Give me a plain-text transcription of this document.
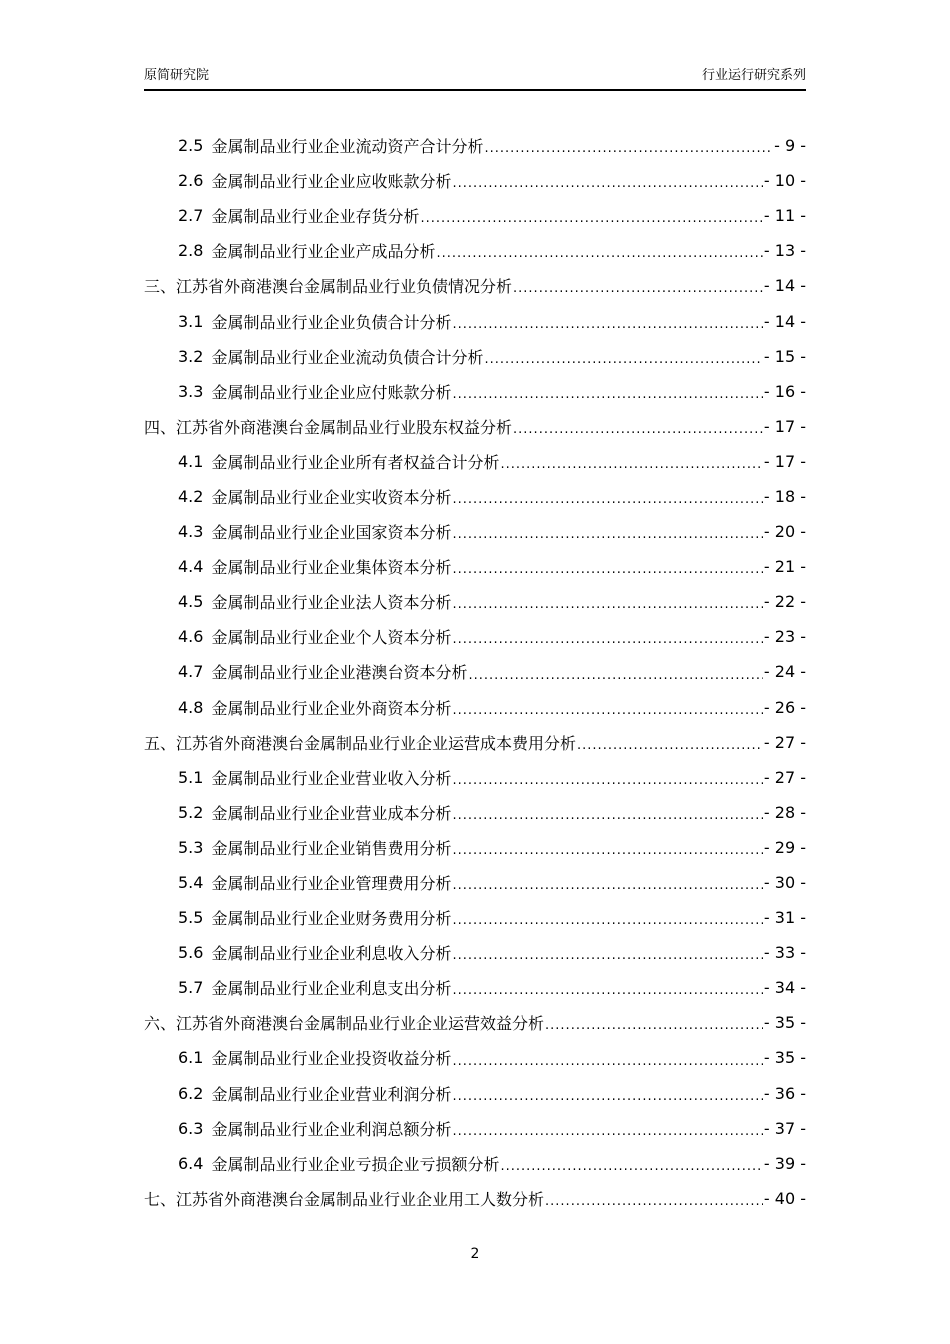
原简研究院	行业运行研究系列
2.5 金属制品业行业企业流动资产合计分析 .....	- 9 -
2.6 金属制品业行业企业应收账款分析 .....	- 10 -
2.7 金属制品业行业企业存货分析 .....	- 11 -
2.8 金属制品业行业企业产成品分析 .....	- 13 -
三、 江苏省外商港澳台金属制品业行业负债情况分析 .....	- 14 -
3.1 金属制品业行业企业负债合计分析 .....	- 14 -
3.2 金属制品业行业企业流动负债合计分析 .....	- 15 -
3.3 金属制品业行业企业应付账款分析 .....	- 16 -
四、 江苏省外商港澳台金属制品业行业股东权益分析 .....	- 17 -
4.1 金属制品业行业企业所有者权益合计分析 .....	- 17 -
4.2 金属制品业行业企业实收资本分析 .....	- 18 -
4.3 金属制品业行业企业国家资本分析 .....	- 20 -
4.4 金属制品业行业企业集体资本分析 .....	- 21 -
4.5 金属制品业行业企业法人资本分析 .....	- 22 -
4.6 金属制品业行业企业个人资本分析 .....	- 23 -
4.7 金属制品业行业企业港澳台资本分析 .....	- 24 -
4.8 金属制品业行业企业外商资本分析 .....	- 26 -
五、 江苏省外商港澳台金属制品业行业企业运营成本费用分析 .....	- 27 -
5.1 金属制品业行业企业营业收入分析 .....	- 27 -
5.2 金属制品业行业企业营业成本分析 .....	- 28 -
5.3 金属制品业行业企业销售费用分析 .....	- 29 -
5.4 金属制品业行业企业管理费用分析 .....	- 30 -
5.5 金属制品业行业企业财务费用分析 .....	- 31 -
5.6 金属制品业行业企业利息收入分析 .....	- 33 -
5.7 金属制品业行业企业利息支出分析 .....	- 34 -
六、 江苏省外商港澳台金属制品业行业企业运营效益分析 .....	- 35 -
6.1 金属制品业行业企业投资收益分析 .....	- 35 -
6.2 金属制品业行业企业营业利润分析 .....	- 36 -
6.3 金属制品业行业企业利润总额分析 .....	- 37 -
6.4 金属制品业行业企业亏损企业亏损额分析 .....	- 39 -
七、 江苏省外商港澳台金属制品业行业企业用工人数分析 .....	- 40 -
2
